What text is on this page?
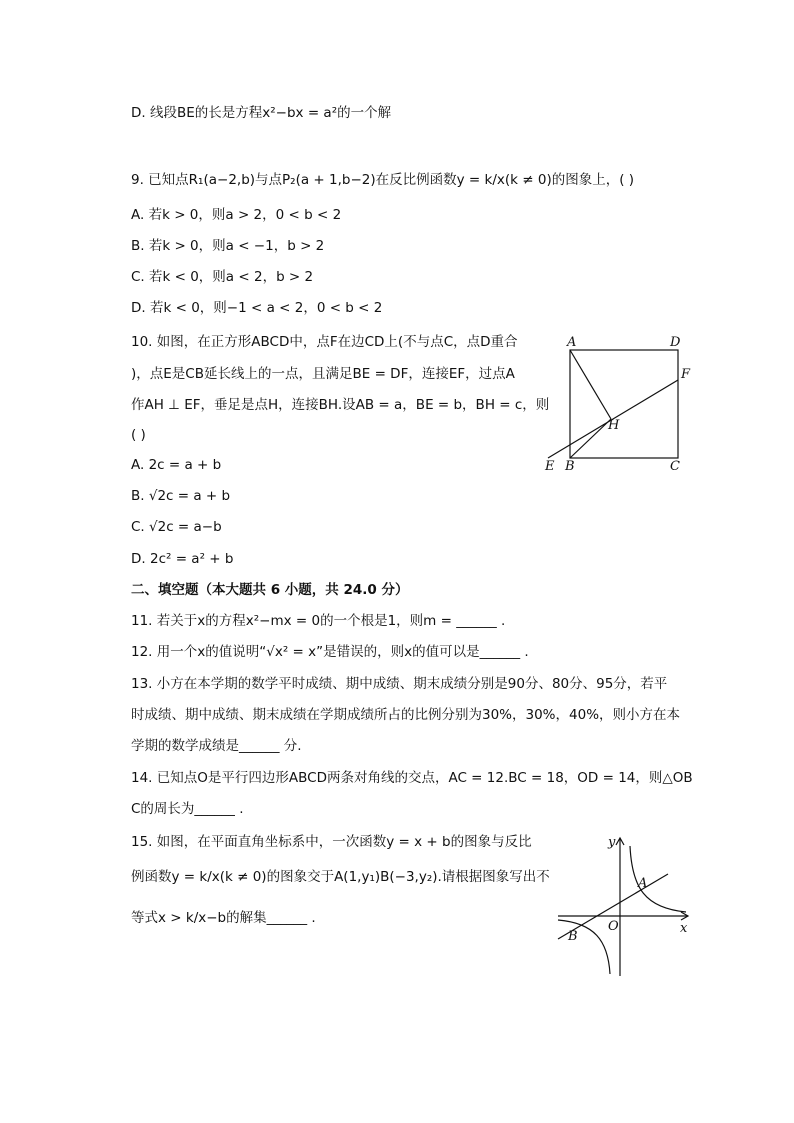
D. 线段BE的长是方程x²−bx = a²的一个解
9. 已知点R₁(a−2,b)与点P₂(a + 1,b−2)在反比例函数y = k/x(k ≠ 0)的图象上，( )
A. 若k > 0，则a > 2，0 < b < 2
B. 若k > 0，则a < −1，b > 2
C. 若k < 0，则a < 2，b > 2
D. 若k < 0，则−1 < a < 2，0 < b < 2
10. 如图，在正方形ABCD中，点F在边CD上(不与点C，点D重合
)，点E是CB延长线上的一点，且满足BE = DF，连接EF，过点A
作AH ⊥ EF，垂足是点H，连接BH.设AB = a，BE = b，BH = c，则
( )
A. 2c = a + b
B. √2c = a + b
C. √2c = a−b
D. 2c² = a² + b
A	D
F
H
E B	C
二、填空题（本大题共 6 小题，共 24.0 分）
11. 若关于x的方程x²−mx = 0的一个根是1，则m = ______ .
12. 用一个x的值说明“√x² = x”是错误的，则x的值可以是______ .
13. 小方在本学期的数学平时成绩、期中成绩、期末成绩分别是90分、80分、95分，若平
时成绩、期中成绩、期末成绩在学期成绩所占的比例分别为30%，30%，40%，则小方在本
学期的数学成绩是______ 分.
14. 已知点O是平行四边形ABCD两条对角线的交点，AC = 12.BC = 18，OD = 14，则△OB
C的周长为______ .
15. 如图，在平面直角坐标系中，一次函数y = x + b的图象与反比
例函数y = k/x(k ≠ 0)的图象交于A(1,y₁)B(−3,y₂).请根据图象写出不
等式x > k/x−b的解集______ .
y
x
O
A
B
